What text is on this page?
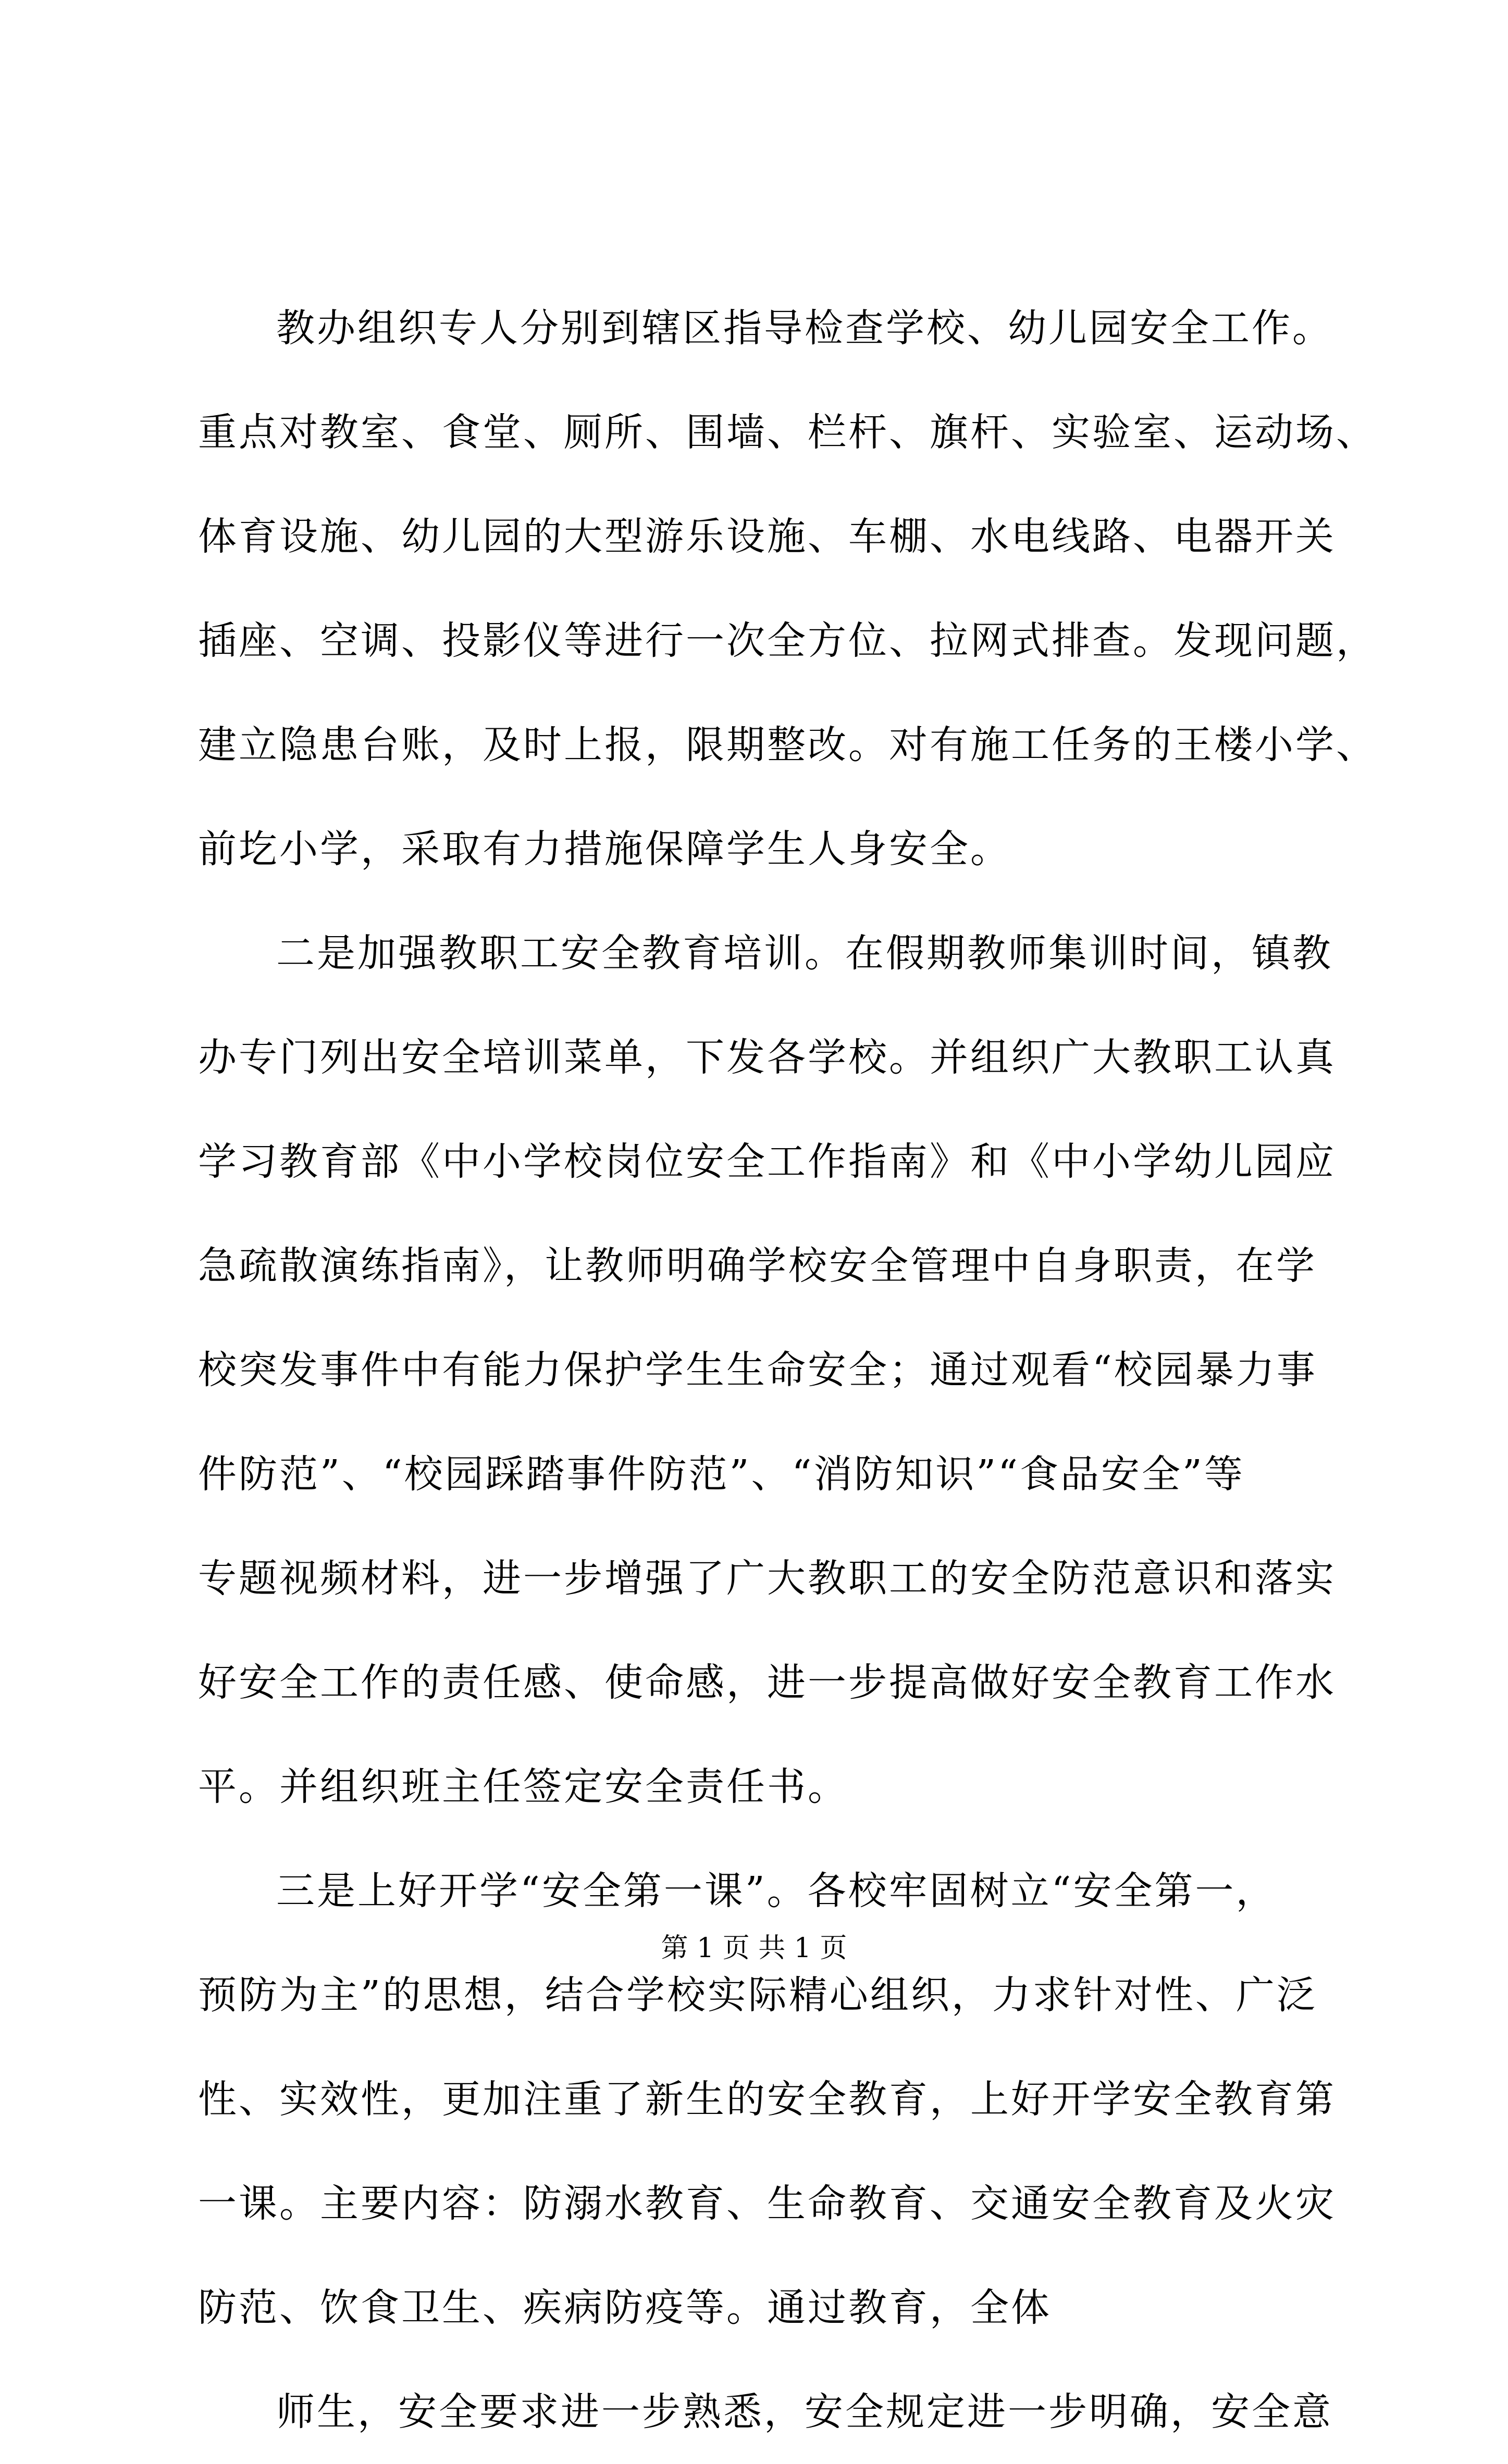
教办组织专人分别到辖区指导检查学校、幼儿园安全工作。
重点对教室、食堂、厕所、围墙、栏杆、旗杆、实验室、运动场、
体育设施、幼儿园的大型游乐设施、车棚、水电线路、电器开关
插座、空调、投影仪等进行一次全方位、拉网式排查。发现问题，
建立隐患台账，及时上报，限期整改。对有施工任务的王楼小学、
前圪小学，采取有力措施保障学生人身安全。
二是加强教职工安全教育培训。在假期教师集训时间，镇教
办专门列出安全培训菜单，下发各学校。并组织广大教职工认真
学习教育部《中小学校岗位安全工作指南》和《中小学幼儿园应
急疏散演练指南》，让教师明确学校安全管理中自身职责，在学
校突发事件中有能力保护学生生命安全；通过观看“校园暴力事
件防范”、“校园踩踏事件防范”、“消防知识”“食品安全”等
专题视频材料，进一步增强了广大教职工的安全防范意识和落实
好安全工作的责任感、使命感，进一步提高做好安全教育工作水
平。并组织班主任签定安全责任书。
三是上好开学“安全第一课”。各校牢固树立“安全第一，
预防为主”的思想，结合学校实际精心组织，力求针对性、广泛
性、实效性，更加注重了新生的安全教育，上好开学安全教育第
一课。主要内容：防溺水教育、生命教育、交通安全教育及火灾
防范、饮食卫生、疾病防疫等。通过教育，全体
师生，安全要求进一步熟悉，安全规定进一步明确，安全意
第 1 页 共 1 页
